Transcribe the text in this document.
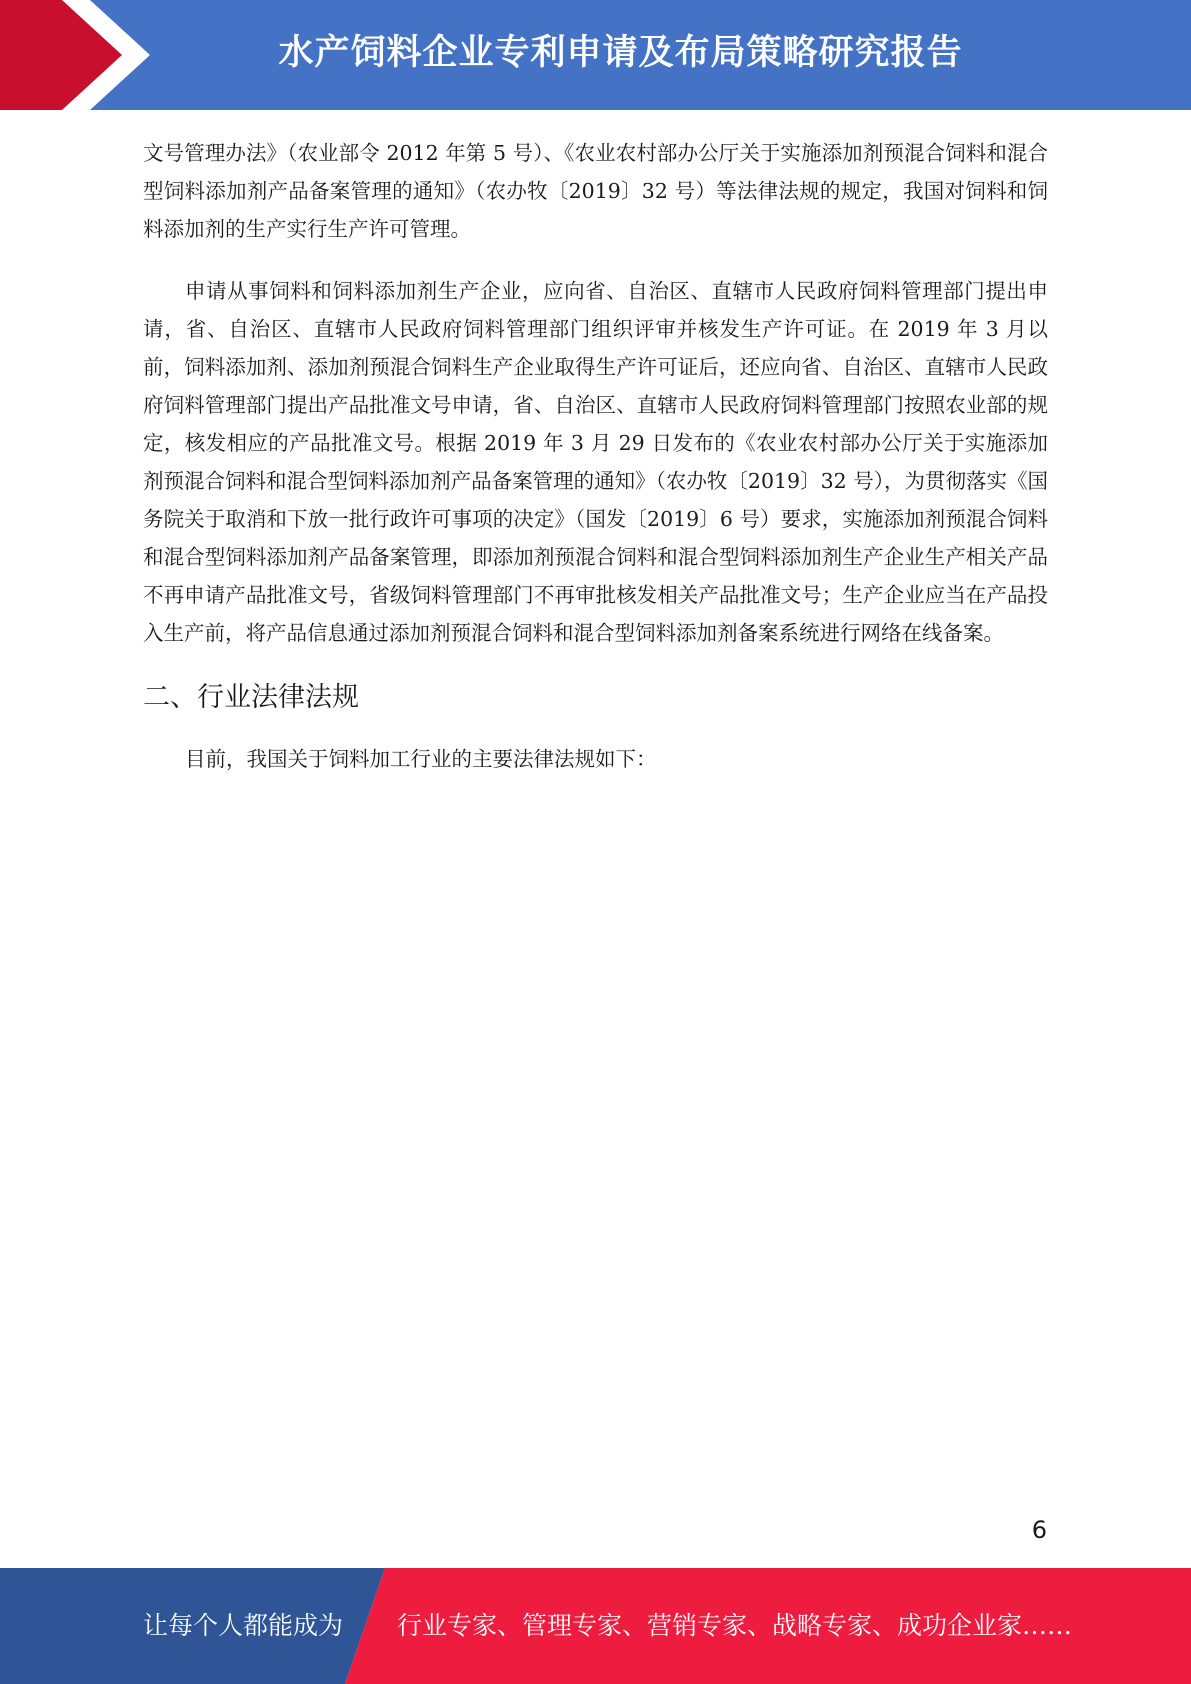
水产饲料企业专利申请及布局策略研究报告

文号管理办法》（农业部令 2012 年第 5 号）、《农业农村部办公厅关于实施添加剂预混合饲料和混合型饲料添加剂产品备案管理的通知》（农办牧〔2019〕32 号）等法律法规的规定，我国对饲料和饲料添加剂的生产实行生产许可管理。

申请从事饲料和饲料添加剂生产企业，应向省、自治区、直辖市人民政府饲料管理部门提出申请，省、自治区、直辖市人民政府饲料管理部门组织评审并核发生产许可证。在 2019 年 3 月以前，饲料添加剂、添加剂预混合饲料生产企业取得生产许可证后，还应向省、自治区、直辖市人民政府饲料管理部门提出产品批准文号申请，省、自治区、直辖市人民政府饲料管理部门按照农业部的规定，核发相应的产品批准文号。根据 2019 年 3 月 29 日发布的《农业农村部办公厅关于实施添加剂预混合饲料和混合型饲料添加剂产品备案管理的通知》（农办牧〔2019〕32 号），为贯彻落实《国务院关于取消和下放一批行政许可事项的决定》（国发〔2019〕6 号）要求，实施添加剂预混合饲料和混合型饲料添加剂产品备案管理，即添加剂预混合饲料和混合型饲料添加剂生产企业生产相关产品不再申请产品批准文号，省级饲料管理部门不再审批核发相关产品批准文号；生产企业应当在产品投入生产前，将产品信息通过添加剂预混合饲料和混合型饲料添加剂备案系统进行网络在线备案。

二、行业法律法规

目前，我国关于饲料加工行业的主要法律法规如下：

6
让每个人都能成为 行业专家、管理专家、营销专家、战略专家、成功企业家……
